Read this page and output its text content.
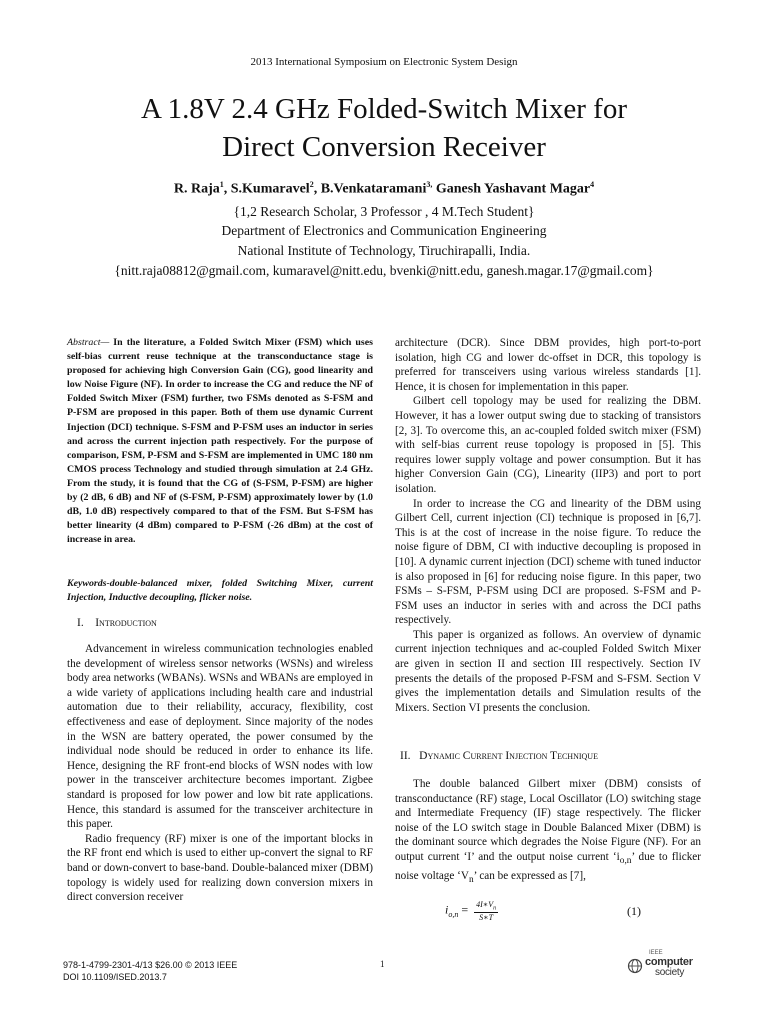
2013 International Symposium on Electronic System Design
A 1.8V 2.4 GHz Folded-Switch Mixer for
Direct Conversion Receiver
R. Raja$^1$, S.Kumaravel$^2$, B.Venkataramani$^{3,}$ Ganesh Yashavant Magar$^4$
{1,2 Research Scholar, 3 Professor , 4 M.Tech Student}
Department of Electronics and Communication Engineering
National Institute of Technology, Tiruchirapalli, India.
{nitt.raja08812@gmail.com, kumaravel@nitt.edu, bvenki@nitt.edu, ganesh.magar.17@gmail.com}
Abstract— In the literature, a Folded Switch Mixer (FSM) which uses self-bias current reuse technique at the transconductance stage is proposed for achieving high Conversion Gain (CG), good linearity and low Noise Figure (NF). In order to increase the CG and reduce the NF of Folded Switch Mixer (FSM) further, two FSMs denoted as S-FSM and P-FSM are proposed in this paper. Both of them use dynamic Current Injection (DCI) technique. S-FSM and P-FSM uses an inductor in series and across the current injection path respectively. For the purpose of comparison, FSM, P-FSM and S-FSM are implemented in UMC 180 nm CMOS process Technology and studied through simulation at 2.4 GHz. From the study, it is found that the CG of (S-FSM, P-FSM) are higher by (2 dB, 6 dB) and NF of (S-FSM, P-FSM) approximately lower by (1.0 dB, 1.0 dB) respectively compared to that of the FSM. But S-FSM has better linearity (4 dBm) compared to P-FSM (-26 dBm) at the cost of increase in area.
Keywords-double-balanced mixer, folded Switching Mixer, current Injection, Inductive decoupling, flicker noise.
I. Introduction

Advancement in wireless communication technologies enabled the development of wireless sensor networks (WSNs) and wireless body area networks (WBANs). WSNs and WBANs are employed in a wide variety of applications including health care and industrial automation due to their reliability, accuracy, flexibility, cost effectiveness and ease of deployment. Since majority of the nodes in the WSN are battery operated, the power consumed by the individual node should be reduced in order to enhance its life. Hence, designing the RF front-end blocks of WSN nodes with low power in the transceiver architecture becomes important. Zigbee standard is proposed for low power and low bit rate applications. Hence, this standard is assumed for the transceiver architecture in this paper.

Radio frequency (RF) mixer is one of the important blocks in the RF front end which is used to either up-convert the signal to RF band or down-convert to base-band. Double-balanced mixer (DBM) topology is widely used for realizing down conversion mixers in direct conversion receiver

architecture (DCR). Since DBM provides, high port-to-port isolation, high CG and lower dc-offset in DCR, this topology is preferred for transceivers using various wireless standards [1]. Hence, it is chosen for implementation in this paper.

Gilbert cell topology may be used for realizing the DBM. However, it has a lower output swing due to stacking of transistors [2, 3]. To overcome this, an ac-coupled folded switch mixer (FSM) with self-bias current reuse topology is proposed in [5]. This requires lower supply voltage and power consumption. But it has higher Conversion Gain (CG), Linearity (IIP3) and port to port isolation.

In order to increase the CG and linearity of the DBM using Gilbert Cell, current injection (CI) technique is proposed in [6,7]. This is at the cost of increase in the noise figure. To reduce the noise figure of DBM, CI with inductive decoupling is proposed in [10]. A dynamic current injection (DCI) scheme with tuned inductor is also proposed in [6] for reducing noise figure. In this paper, two FSMs – S-FSM, P-FSM using DCI are proposed. S-FSM and P-FSM uses an inductor in series with and across the DCI paths respectively.

This paper is organized as follows. An overview of dynamic current injection techniques and ac-coupled Folded Switch Mixer are given in section II and section III respectively. Section IV presents the details of the proposed P-FSM and S-FSM. Section V gives the implementation details and Simulation results of the Mixers. Section VI presents the conclusion.

II. Dynamic Current Injection Technique

The double balanced Gilbert mixer (DBM) consists of transconductance (RF) stage, Local Oscillator (LO) switching stage and Intermediate Frequency (IF) stage respectively. The flicker noise of the LO switch stage in Double Balanced Mixer (DBM) is the dominant source which degrades the Noise Figure (NF). For an output current ‘I’ and the output noise current ‘$i_{o,n}$’ due to flicker noise voltage ‘$V_n$’ can be expressed as [7],

$i_{o,n} = \frac{4I∗V_n}{S∗T}$	(1)
978-1-4799-2301-4/13 $26.00 © 2013 IEEE
DOI 10.1109/ISED.2013.7
1
IEEE
computer
society
